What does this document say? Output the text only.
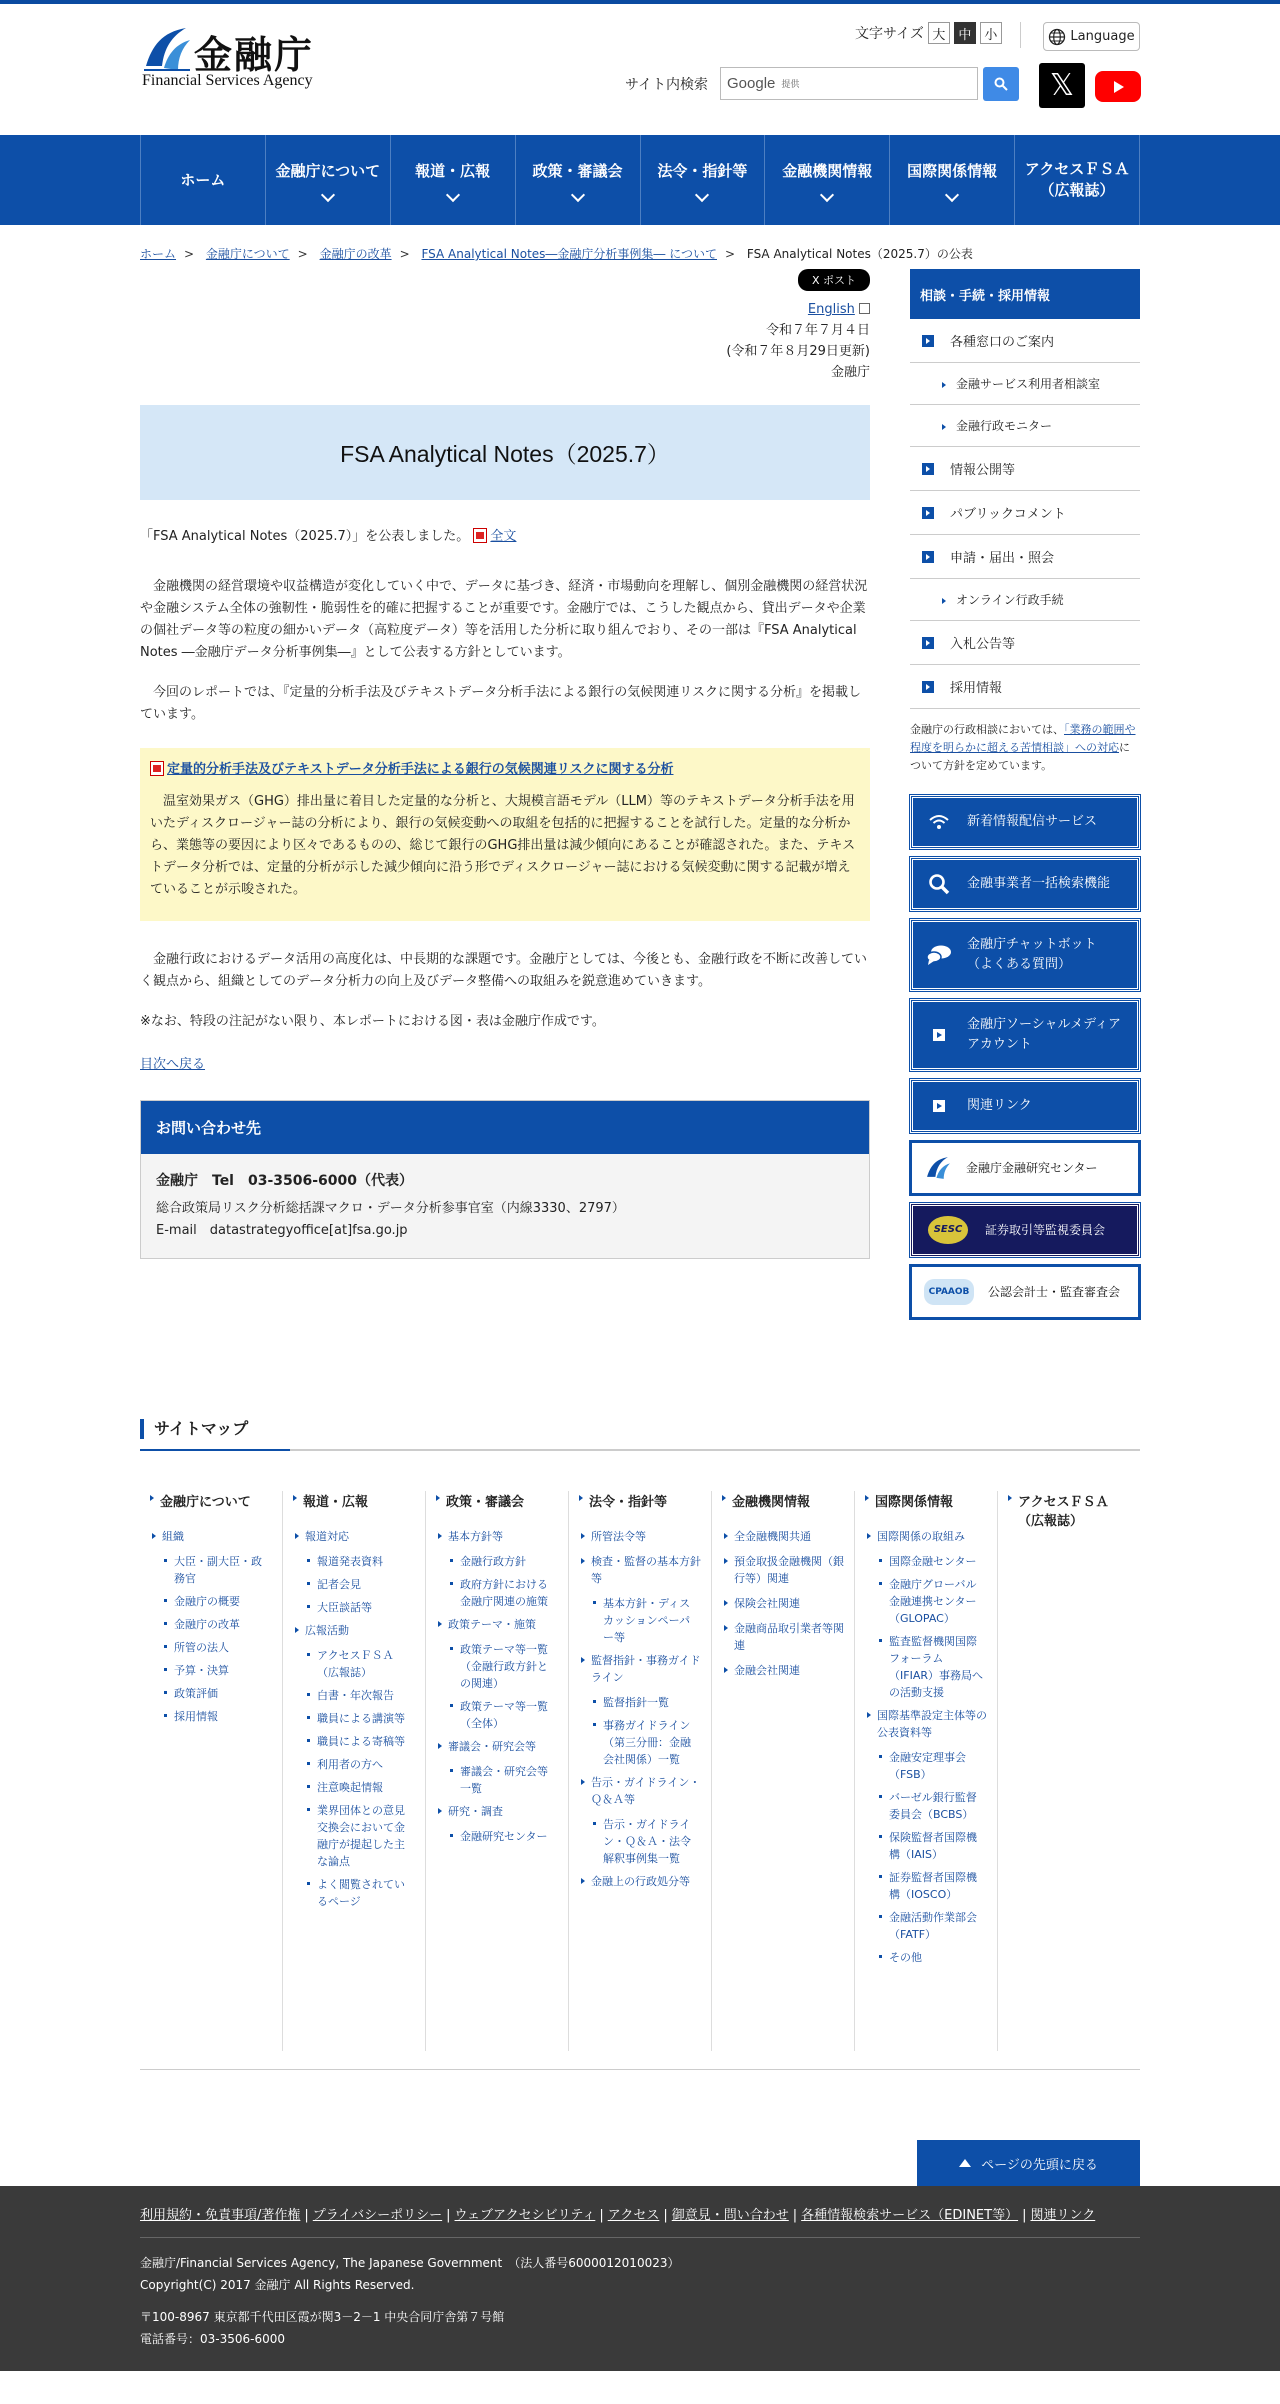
金融庁
Financial Services Agency
文字サイズ 大 中 小	Language
サイト内検索 Google 提供	𝕏
ホーム	金融庁について 報道・広報	政策・審議会 法令・指針等 金融機関情報 国際関係情報 アクセスＦＳＡ
（広報誌）
ホーム > 金融庁について > 金融庁の改革 > FSA Analytical Notes―金融庁分析事例集― について > FSA Analytical Notes（2025.7）の公表
X ポスト
English
令和７年７月４日
(令和７年８月29日更新)
金融庁
FSA Analytical Notes（2025.7）

「FSA Analytical Notes（2025.7）」を公表しました。 全文

金融機関の経営環境や収益構造が変化していく中で、データに基づき、経済・市場動向を理解し、個別金融機関の経営状況や金融システム全体の強靭性・脆弱性を的確に把握することが重要です。金融庁では、こうした観点から、貸出データや企業の個社データ等の粒度の細かいデータ（高粒度データ）等を活用した分析に取り組んでおり、その一部は『FSA Analytical Notes ―金融庁データ分析事例集―』として公表する方針としています。

今回のレポートでは、『定量的分析手法及びテキストデータ分析手法による銀行の気候関連リスクに関する分析』を掲載しています。

定量的分析手法及びテキストデータ分析手法による銀行の気候関連リスクに関する分析

温室効果ガス（GHG）排出量に着目した定量的な分析と、大規模言語モデル（LLM）等のテキストデータ分析手法を用いたディスクロージャー誌の分析により、銀行の気候変動への取組を包括的に把握することを試行した。定量的な分析から、業態等の要因により区々であるものの、総じて銀行のGHG排出量は減少傾向にあることが確認された。また、テキストデータ分析では、定量的分析が示した減少傾向に沿う形でディスクロージャー誌における気候変動に関する記載が増えていることが示唆された。

金融行政におけるデータ活用の高度化は、中長期的な課題です。金融庁としては、今後とも、金融行政を不断に改善していく観点から、組織としてのデータ分析力の向上及びデータ整備への取組みを鋭意進めていきます。

※なお、特段の注記がない限り、本レポートにおける図・表は金融庁作成です。

目次へ戻る
お問い合わせ先
金融庁　Tel　03-3506-6000（代表）
総合政策局リスク分析総括課マクロ・データ分析参事官室（内線3330、2797）
E-mail　datastrategyoffice[at]fsa.go.jp
相談・手続・採用情報
各種窓口のご案内
金融サービス利用者相談室
金融行政モニター
情報公開等
パブリックコメント
申請・届出・照会
オンライン行政手続
入札公告等
採用情報

金融庁の行政相談においては、「業務の範囲や程度を明らかに超える苦情相談」への対応について方針を定めています。

新着情報配信サービス
金融事業者一括検索機能
金融庁チャットボット
（よくある質問）
金融庁ソーシャルメディアアカウント
関連リンク
金融庁金融研究センター
SESC	証券取引等監視委員会
CPAAOB	公認会計士・監査審査会
サイトマップ
金融庁について
組織
大臣・副大臣・政務官
金融庁の概要
金融庁の改革
所管の法人
予算・決算
政策評価
採用情報
報道・広報
報道対応
報道発表資料
記者会見
大臣談話等
広報活動
アクセスＦＳＡ（広報誌）
白書・年次報告
職員による講演等
職員による寄稿等
利用者の方へ
注意喚起情報
業界団体との意見交換会において金融庁が提起した主な論点
よく閲覧されているページ
政策・審議会
基本方針等
金融行政方針
政府方針における金融庁関連の施策
政策テーマ・施策
政策テーマ等一覧（金融行政方針との関連）
政策テーマ等一覧（全体）
審議会・研究会等
審議会・研究会等一覧
研究・調査
金融研究センター
法令・指針等
所管法令等
検査・監督の基本方針等
基本方針・ディスカッションペーパー等
監督指針・事務ガイドライン
監督指針一覧
事務ガイドライン（第三分冊：金融会社関係）一覧
告示・ガイドライン・Ｑ＆Ａ等
告示・ガイドライン・Ｑ＆Ａ・法令解釈事例集一覧
金融上の行政処分等
金融機関情報
全金融機関共通
預金取扱金融機関（銀行等）関連
保険会社関連
金融商品取引業者等関連
金融会社関連
国際関係情報
国際関係の取組み
国際金融センター
金融庁グローバル金融連携センター（GLOPAC）
監査監督機関国際フォーラム（IFIAR）事務局への活動支援
国際基準設定主体等の公表資料等
金融安定理事会（FSB）
バーゼル銀行監督委員会（BCBS）
保険監督者国際機構（IAIS）
証券監督者国際機構（IOSCO）
金融活動作業部会（FATF）
その他
アクセスＦＳＡ（広報誌）
ページの先頭に戻る
利用規約・免責事項/著作権 | プライバシーポリシー | ウェブアクセシビリティ | アクセス | 御意見・問い合わせ | 各種情報検索サービス（EDINET等） | 関連リンク
金融庁/Financial Services Agency, The Japanese Government　（法人番号6000012010023）
Copyright(C) 2017 金融庁 All Rights Reserved.
〒100-8967 東京都千代田区霞が関3－2－1 中央合同庁舎第７号館
電話番号：03-3506-6000
